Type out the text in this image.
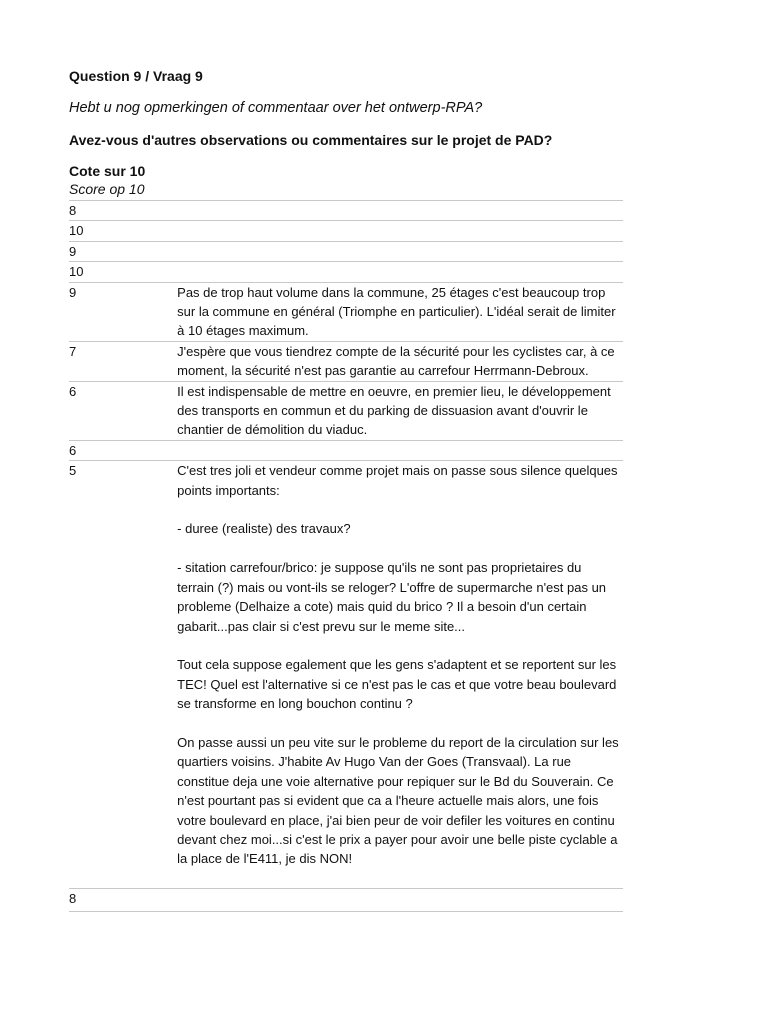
Question 9 / Vraag 9
Hebt u nog opmerkingen of commentaar over het ontwerp-RPA?
Avez-vous d'autres observations ou commentaires sur le projet de PAD?
Cote sur 10
Score op 10
8	
10	
9	
10	
9	Pas de trop haut volume dans la commune, 25 étages c'est beaucoup trop sur la commune en général (Triomphe en particulier). L'idéal serait de limiter à 10 étages maximum.

7	J'espère que vous tiendrez compte de la sécurité pour les cyclistes car, à ce moment, la sécurité n'est pas garantie au carrefour Herrmann-Debroux.

6	Il est indispensable de mettre en oeuvre, en premier lieu, le développement des transports en commun et du parking de dissuasion avant d'ouvrir le chantier de démolition du viaduc.

6	
5	C'est tres joli et vendeur comme projet mais on passe sous silence quelques points importants:
- duree (realiste) des travaux?
- sitation carrefour/brico: je suppose qu'ils ne sont pas proprietaires du terrain (?) mais ou vont-ils se reloger? L'offre de supermarche n'est pas un probleme (Delhaize a cote) mais quid du brico ? Il a besoin d'un certain gabarit...pas clair si c'est prevu sur le meme site...
Tout cela suppose egalement que les gens s'adaptent et se reportent sur les TEC! Quel est l'alternative si ce n'est pas le cas et que votre beau boulevard se transforme en long bouchon continu ?
On passe aussi un peu vite sur le probleme du report de la circulation sur les quartiers voisins. J'habite Av Hugo Van der Goes (Transvaal). La rue constitue deja une voie alternative pour repiquer sur le Bd du Souverain. Ce n'est pourtant pas si evident que ca a l'heure actuelle mais alors, une fois votre boulevard en place, j'ai bien peur de voir defiler les voitures en continu devant chez moi...si c'est le prix a payer pour avoir une belle piste cyclable a la place de l'E411, je dis NON!

8	
